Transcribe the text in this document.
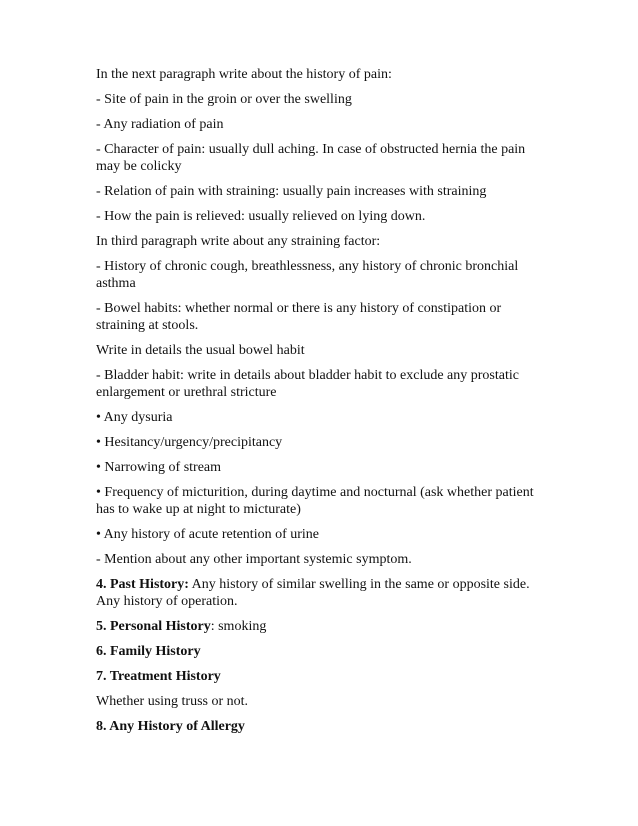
In the next paragraph write about the history of pain:

- Site of pain in the groin or over the swelling

- Any radiation of pain

- Character of pain: usually dull aching. In case of obstructed hernia the pain may be colicky

- Relation of pain with straining: usually pain increases with straining

- How the pain is relieved: usually relieved on lying down.

In third paragraph write about any straining factor:

- History of chronic cough, breathlessness, any history of chronic bronchial asthma

- Bowel habits: whether normal or there is any history of constipation or straining at stools.

Write in details the usual bowel habit

- Bladder habit: write in details about bladder habit to exclude any prostatic enlargement or urethral stricture

• Any dysuria

• Hesitancy/urgency/precipitancy

• Narrowing of stream

• Frequency of micturition, during daytime and nocturnal (ask whether patient has to wake up at night to micturate)

• Any history of acute retention of urine

- Mention about any other important systemic symptom.

4. Past History: Any history of similar swelling in the same or opposite side. Any history of operation.

5. Personal History: smoking

6. Family History

7. Treatment History

Whether using truss or not.

8. Any History of Allergy
